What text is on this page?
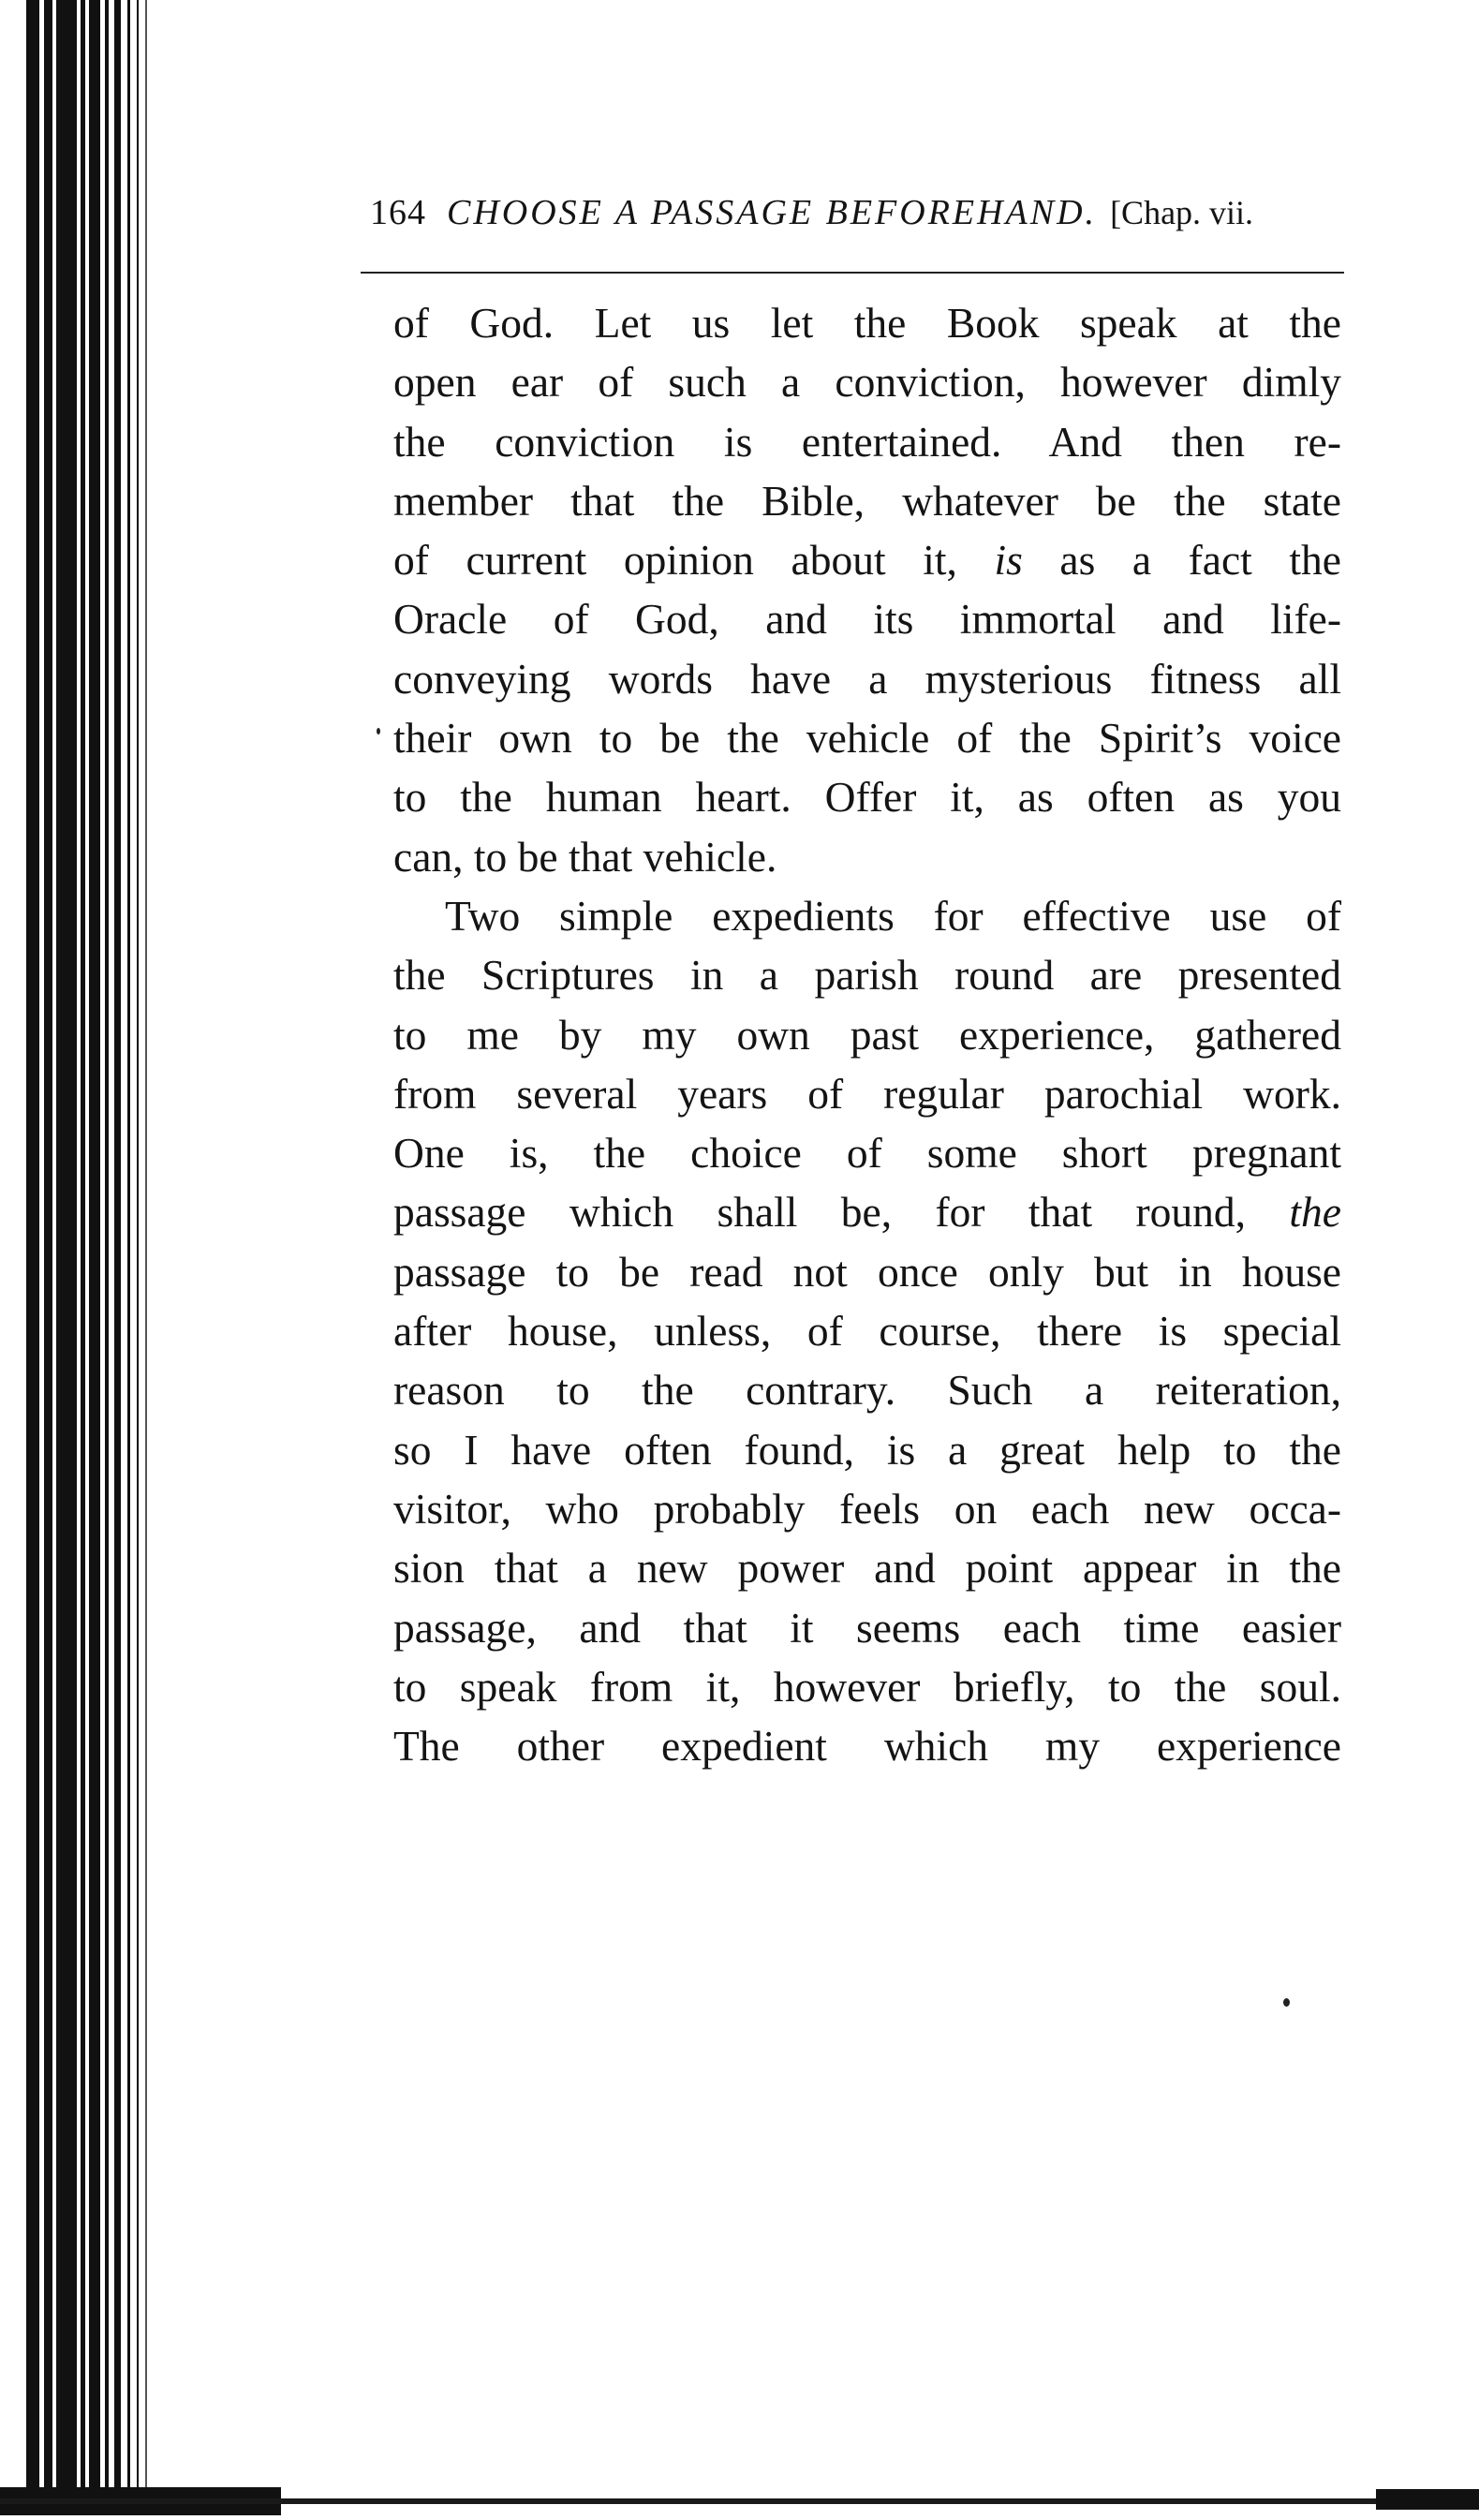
164 CHOOSE A PASSAGE BEFOREHAND. [Chap. vii.
of God. Let us let the Book speak at the
open ear of such a conviction, however dimly
the conviction is entertained. And then re-
member that the Bible, whatever be the state
of current opinion about it, is as a fact the
Oracle of God, and its immortal and life-
conveying words have a mysterious fitness all
their own to be the vehicle of the Spirit’s voice
to the human heart. Offer it, as often as you
can, to be that vehicle.
Two simple expedients for effective use of
the Scriptures in a parish round are presented
to me by my own past experience, gathered
from several years of regular parochial work.
One is, the choice of some short pregnant
passage which shall be, for that round, the
passage to be read not once only but in house
after house, unless, of course, there is special
reason to the contrary. Such a reiteration,
so I have often found, is a great help to the
visitor, who probably feels on each new occa-
sion that a new power and point appear in the
passage, and that it seems each time easier
to speak from it, however briefly, to the soul.
The other expedient which my experience
